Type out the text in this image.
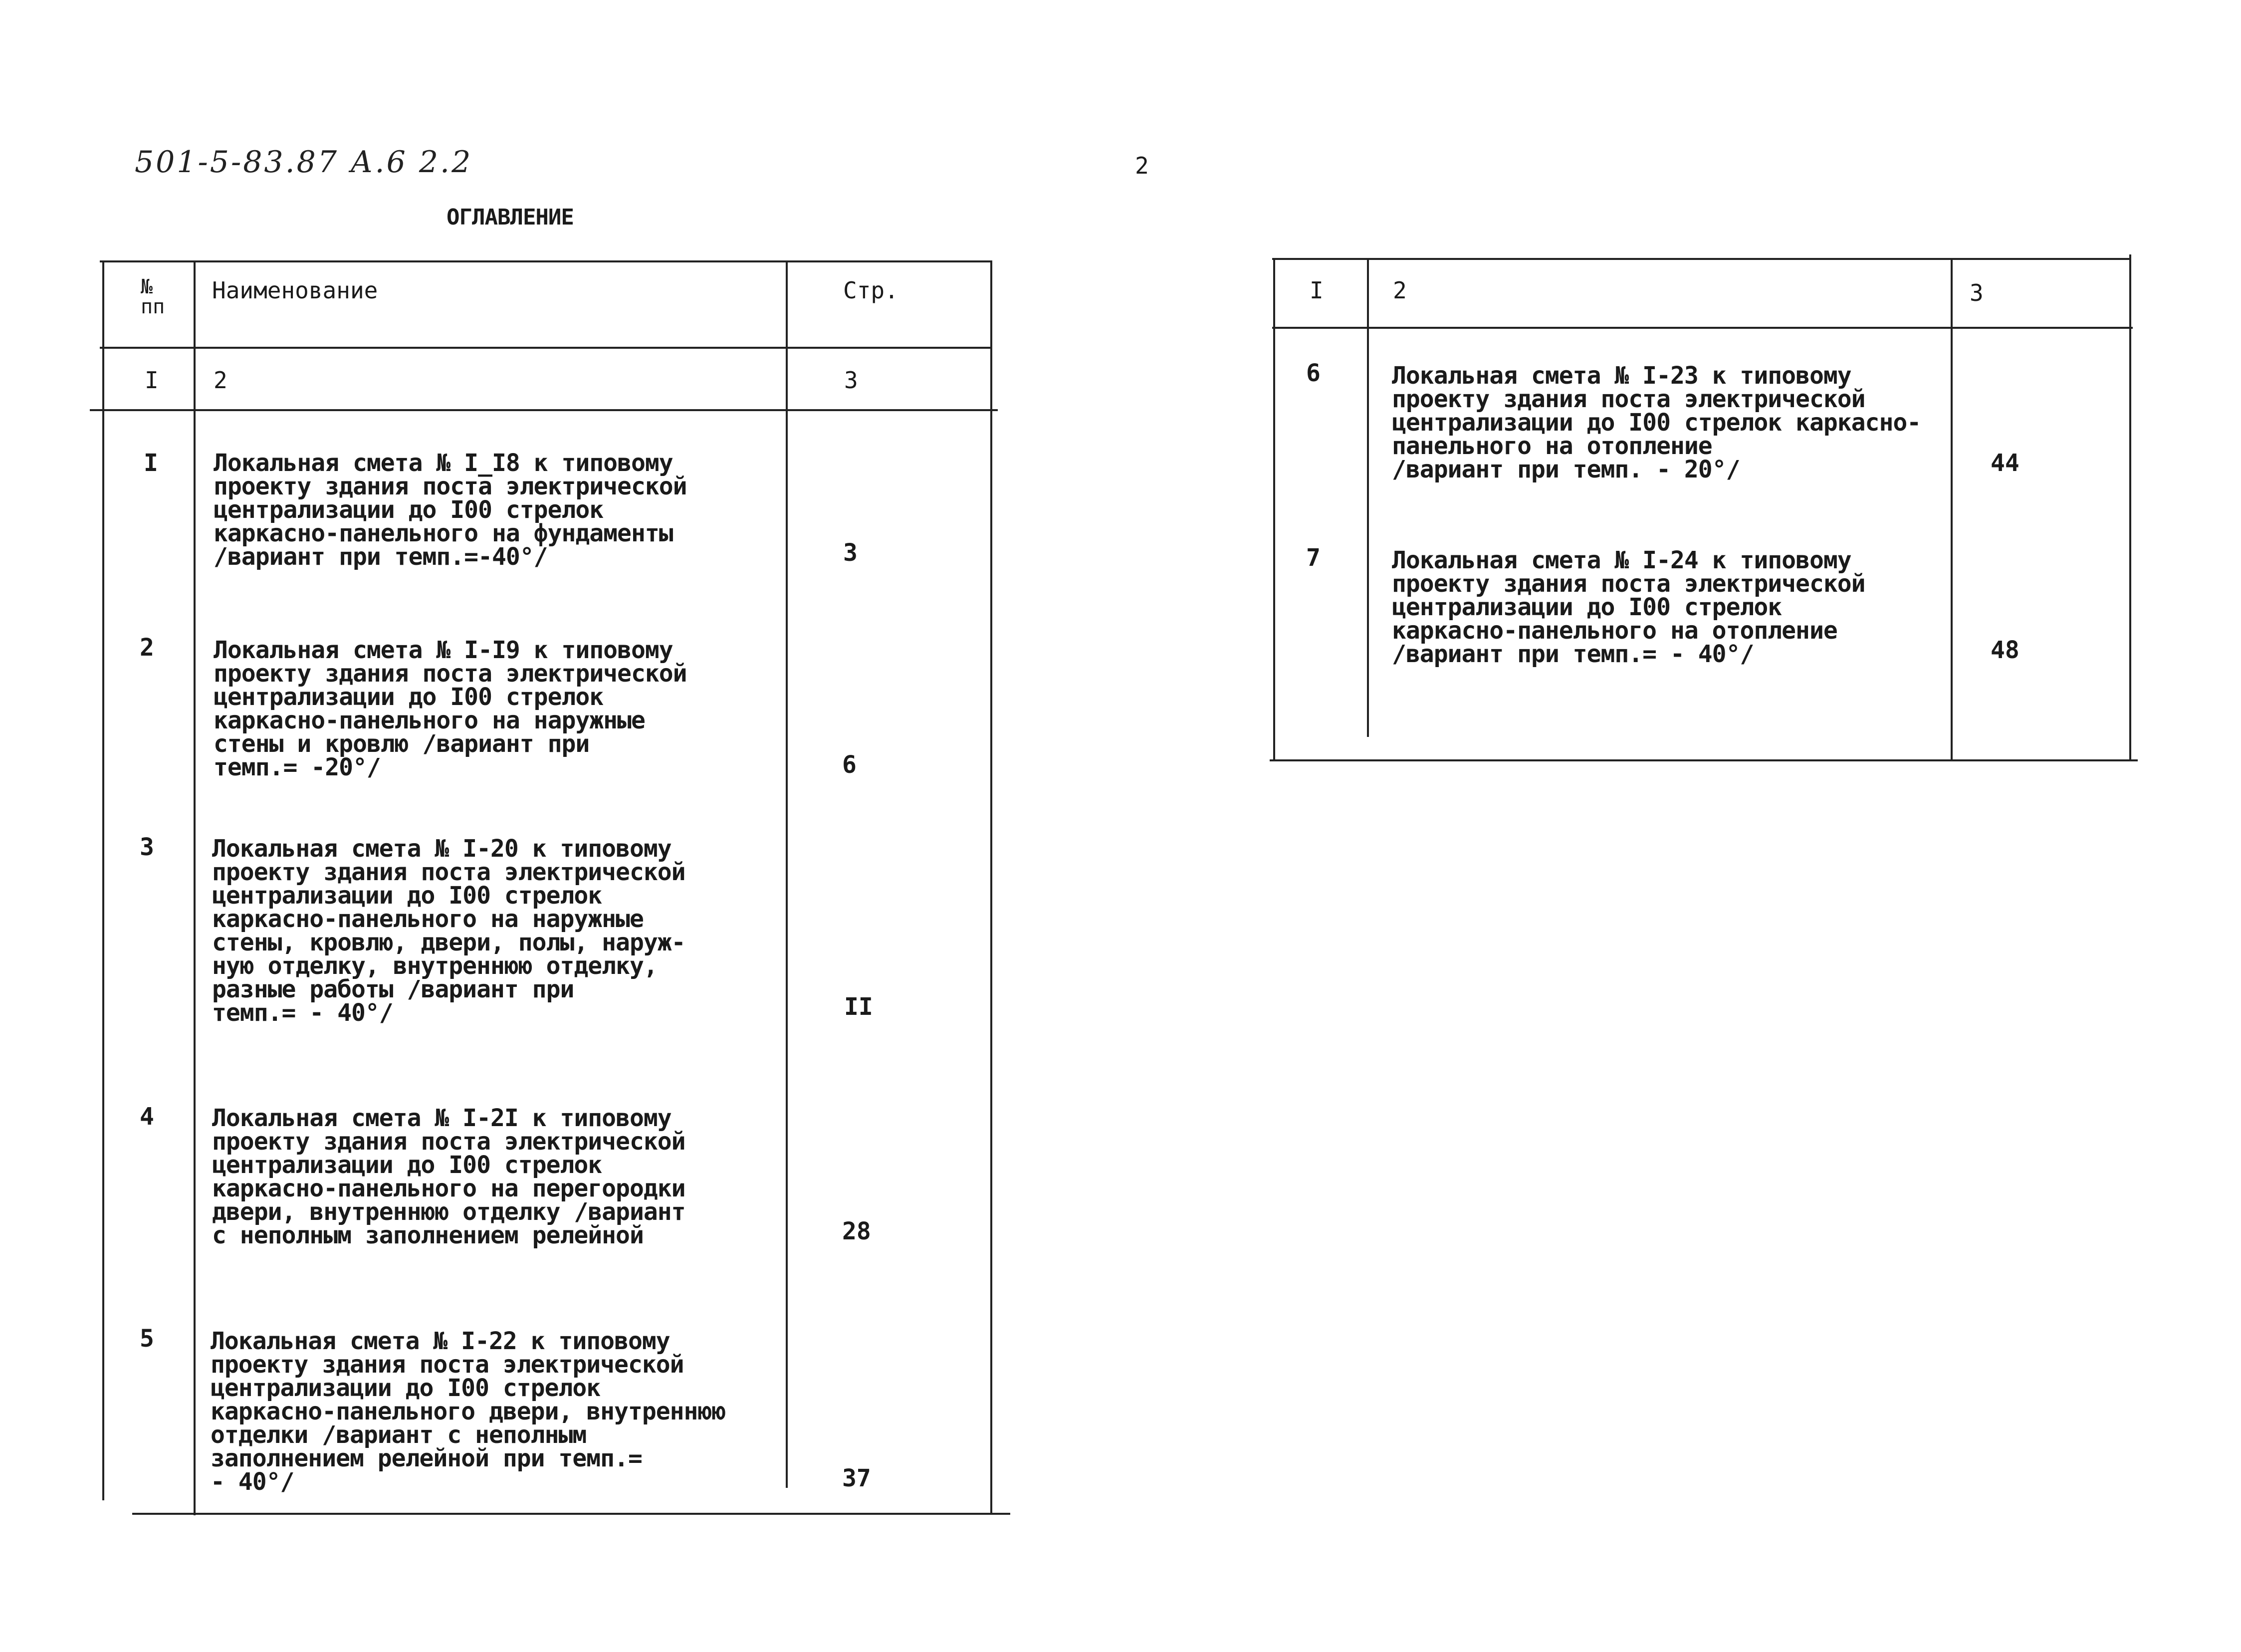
501-5-83.87 А.6 2.2	2
ОГЛАВЛЕНИЕ
№ пп
Наименование	Стр.
I 2	3
I Локальная смета № I_I8 к типовому
проекту здания поста электрической
централизации до I00 стрелок
каркасно-панельного на фундаменты
/вариант при темп.=-40°/	3
2 Локальная смета № I-I9 к типовому
проекту здания поста электрической
централизации до I00 стрелок
каркасно-панельного на наружные
стены и кровлю /вариант при
темп.= -20°/	6
3 Локальная смета № I-20 к типовому
проекту здания поста электрической
централизации до I00 стрелок
каркасно-панельного на наружные
стены, кровлю, двери, полы, наруж-
ную отделку, внутреннюю отделку,
разные работы /вариант при
темп.= - 40°/	II
4 Локальная смета № I-2I к типовому
проекту здания поста электрической
централизации до I00 стрелок
каркасно-панельного на перегородки
двери, внутреннюю отделку /вариант
с неполным заполнением релейной	28
5 Локальная смета № I-22 к типовому
проекту здания поста электрической
централизации до I00 стрелок
каркасно-панельного двери, внутреннюю
отделки /вариант с неполным
заполнением релейной при темп.=
- 40°/	37
I	2	3
6	Локальная смета № I-23 к типовому
проекту здания поста электрической
централизации до I00 стрелок каркасно-
панельного на отопление
/вариант при темп. - 20°/	44
7	Локальная смета № I-24 к типовому
проекту здания поста электрической
централизации до I00 стрелок
каркасно-панельного на отопление
/вариант при темп.= - 40°/	48
